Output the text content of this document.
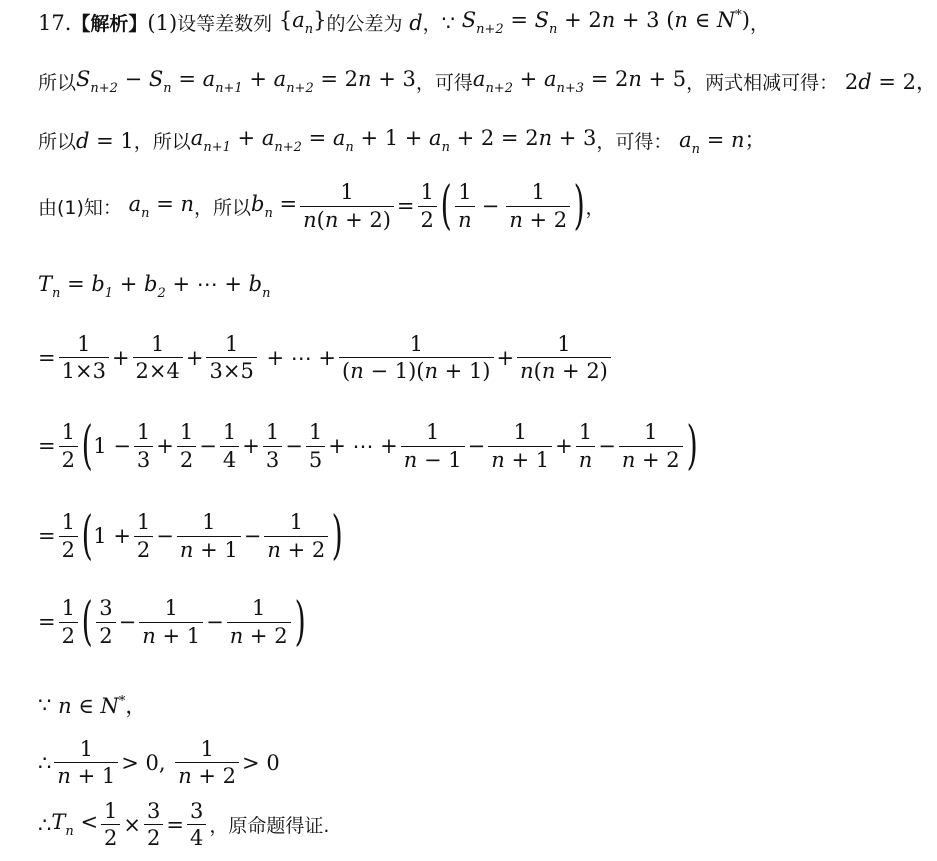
17. 【解析】 (1) 设等差数列 $\{a_n\}$ 的公差为 d ， ∵ $S_{n+2} = S_n + 2n + 3$ (n ∈ N*) ，
所以 $S_{n+2} - S_n = a_{n+1} + a_{n+2} = 2n + 3$ ，可得 $a_{n+2} + a_{n+3} = 2n + 5$ ，两式相减可得： 2d = 2，
所以 d = 1 ，所以 $a_{n+1} + a_{n+2} = a_n + 1 + a_n + 2 = 2n + 3$ ，可得： $a_n = n$；
由(1)知： $a_n = n$ ，所以 $b_n = \frac{1}{n(n + 2)} = \frac{1}{2}$ ( $\frac{1}{n} - \frac{1}{n + 2}$ ) ，
$T_n = b_1 + b_2$ + ⋯ + $b_n$
= $\frac{1}{1\times 3} + \frac{1}{2\times 4} + \frac{1}{3\times 5}$ + ⋯ + $\frac{1}{(n - 1)(n + 1)} + \frac{1}{n(n + 2)}$
= $\frac{1}{2}$ ( $1 - \frac{1}{3} + \frac{1}{2} - \frac{1}{4} + \frac{1}{3} - \frac{1}{5}$ + ⋯ + $\frac{1}{n - 1} - \frac{1}{n + 1} + \frac{1}{n} - \frac{1}{n + 2}$ )
= $\frac{1}{2}$ ( $1 + \frac{1}{2} - \frac{1}{n + 1} - \frac{1}{n + 2}$ )
= $\frac{1}{2}$ ( $\frac{3}{2} - \frac{1}{n + 1} - \frac{1}{n + 2}$ )
∵ n ∈ N*，
∴ $\frac{1}{n + 1} > 0$, $\frac{1}{n + 2} > 0$
∴ $T_n < \frac{1}{2} \times \frac{3}{2} = \frac{3}{4}$ ， 原命题得证.
